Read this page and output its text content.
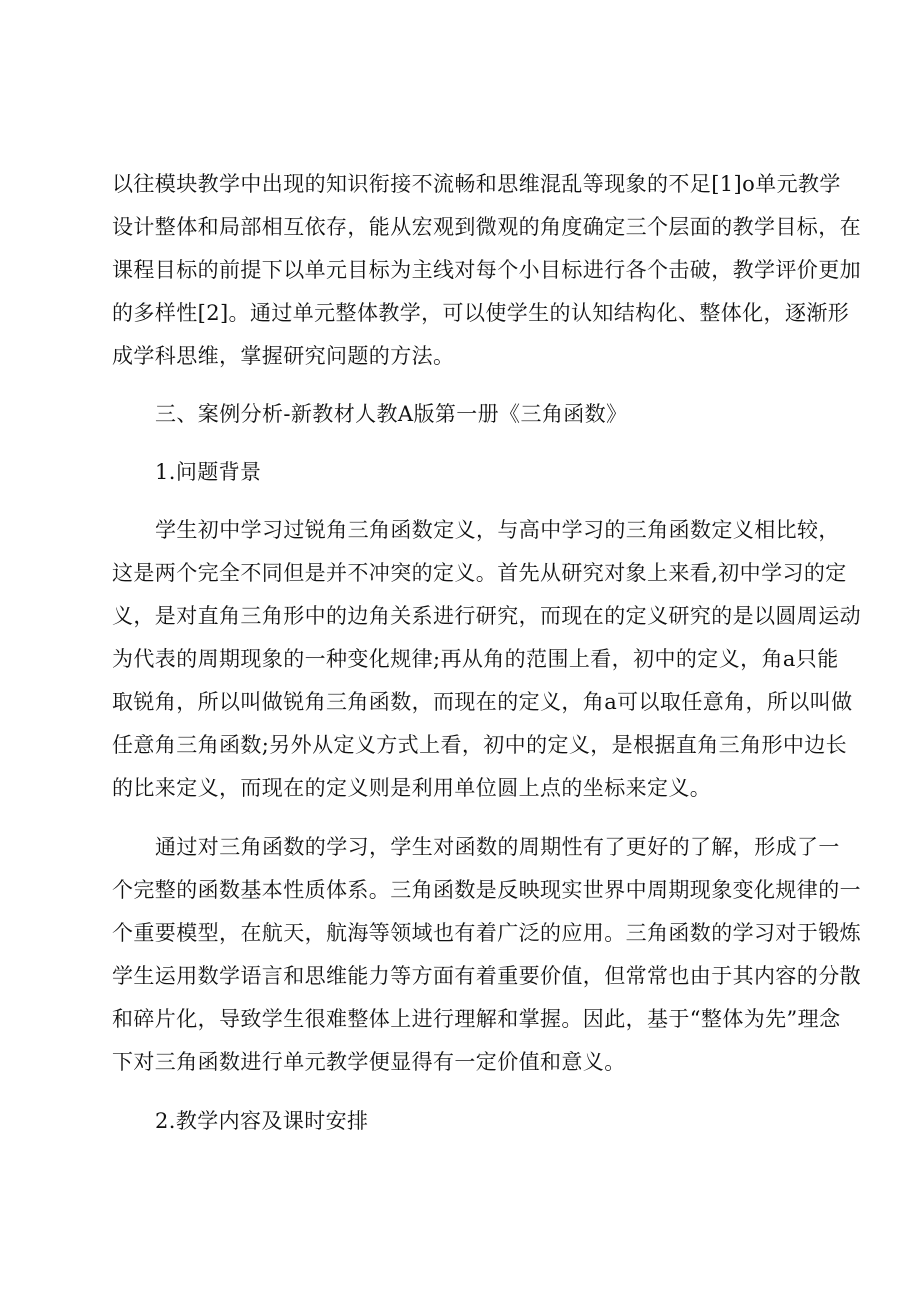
以往模块教学中出现的知识衔接不流畅和思维混乱等现象的不足[1]o单元教学
设计整体和局部相互依存，能从宏观到微观的角度确定三个层面的教学目标，在
课程目标的前提下以单元目标为主线对每个小目标进行各个击破，教学评价更加
的多样性[2]。通过单元整体教学，可以使学生的认知结构化、整体化，逐渐形
成学科思维，掌握研究问题的方法。
三、案例分析-新教材人教A版第一册《三角函数》
1.问题背景
学生初中学习过锐角三角函数定义，与高中学习的三角函数定义相比较，
这是两个完全不同但是并不冲突的定义。首先从研究对象上来看,初中学习的定
义，是对直角三角形中的边角关系进行研究，而现在的定义研究的是以圆周运动
为代表的周期现象的一种变化规律;再从角的范围上看，初中的定义，角a只能
取锐角，所以叫做锐角三角函数，而现在的定义，角a可以取任意角，所以叫做
任意角三角函数;另外从定义方式上看，初中的定义，是根据直角三角形中边长
的比来定义，而现在的定义则是利用单位圆上点的坐标来定义。
通过对三角函数的学习，学生对函数的周期性有了更好的了解，形成了一
个完整的函数基本性质体系。三角函数是反映现实世界中周期现象变化规律的一
个重要模型，在航天，航海等领域也有着广泛的应用。三角函数的学习对于锻炼
学生运用数学语言和思维能力等方面有着重要价值，但常常也由于其内容的分散
和碎片化，导致学生很难整体上进行理解和掌握。因此，基于“整体为先”理念
下对三角函数进行单元教学便显得有一定价值和意义。
2.教学内容及课时安排
